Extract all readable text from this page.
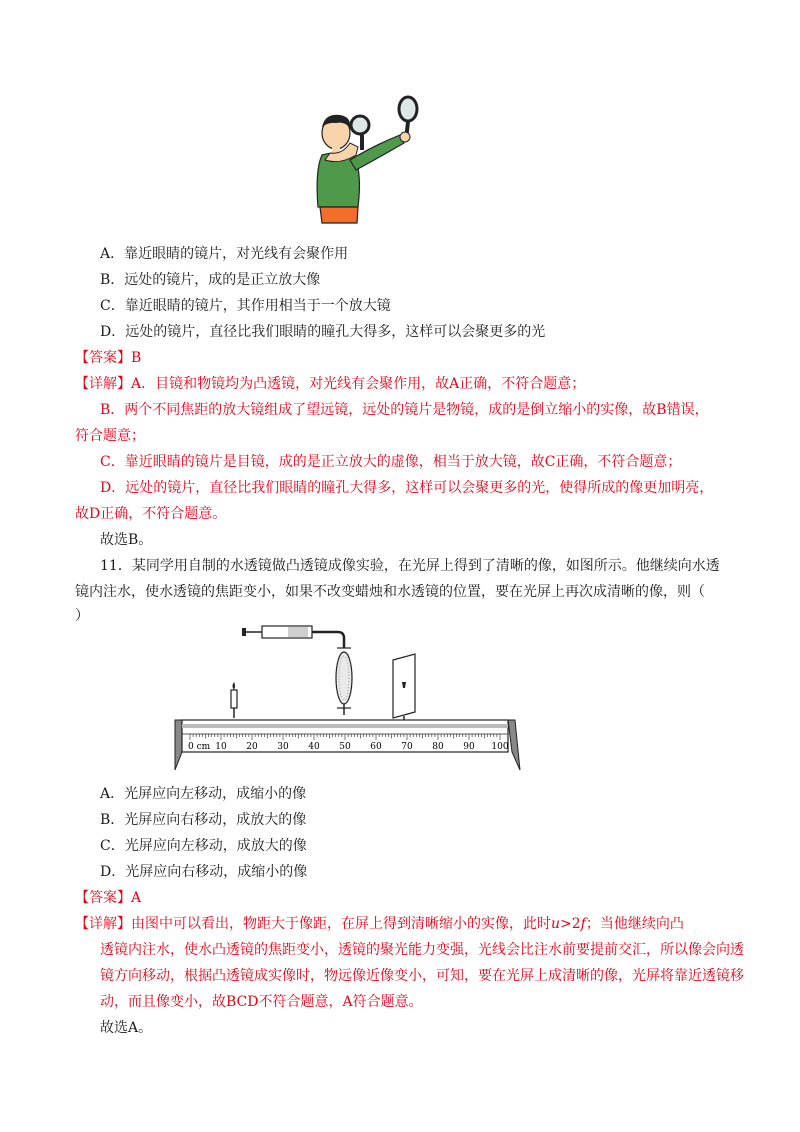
A．靠近眼睛的镜片，对光线有会聚作用
B．远处的镜片，成的是正立放大像
C．靠近眼睛的镜片，其作用相当于一个放大镜
D．远处的镜片，直径比我们眼睛的瞳孔大得多，这样可以会聚更多的光
【答案】B
【详解】A．目镜和物镜均为凸透镜，对光线有会聚作用，故A正确，不符合题意；
B．两个不同焦距的放大镜组成了望远镜，远处的镜片是物镜，成的是倒立缩小的实像，故B错误，
符合题意；
C．靠近眼睛的镜片是目镜，成的是正立放大的虚像，相当于放大镜，故C正确，不符合题意；
D．远处的镜片，直径比我们眼睛的瞳孔大得多，这样可以会聚更多的光，使得所成的像更加明亮，
故D正确，不符合题意。
故选B。
11．某同学用自制的水透镜做凸透镜成像实验，在光屏上得到了清晰的像，如图所示。他继续向水透
镜内注水，使水透镜的焦距变小，如果不改变蜡烛和水透镜的位置，要在光屏上再次成清晰的像，则（
）
0 cm 10 20 30 40 50 60 70 80 90 100
A．光屏应向左移动，成缩小的像
B．光屏应向右移动，成放大的像
C．光屏应向左移动，成放大的像
D．光屏应向右移动，成缩小的像
【答案】A
【详解】由图中可以看出，物距大于像距，在屏上得到清晰缩小的实像，此时u>2f；当他继续向凸
透镜内注水，使水凸透镜的焦距变小，透镜的聚光能力变强，光线会比注水前要提前交汇，所以像会向透
镜方向移动，根据凸透镜成实像时，物远像近像变小，可知，要在光屏上成清晰的像，光屏将靠近透镜移
动，而且像变小，故BCD不符合题意，A符合题意。
故选A。
